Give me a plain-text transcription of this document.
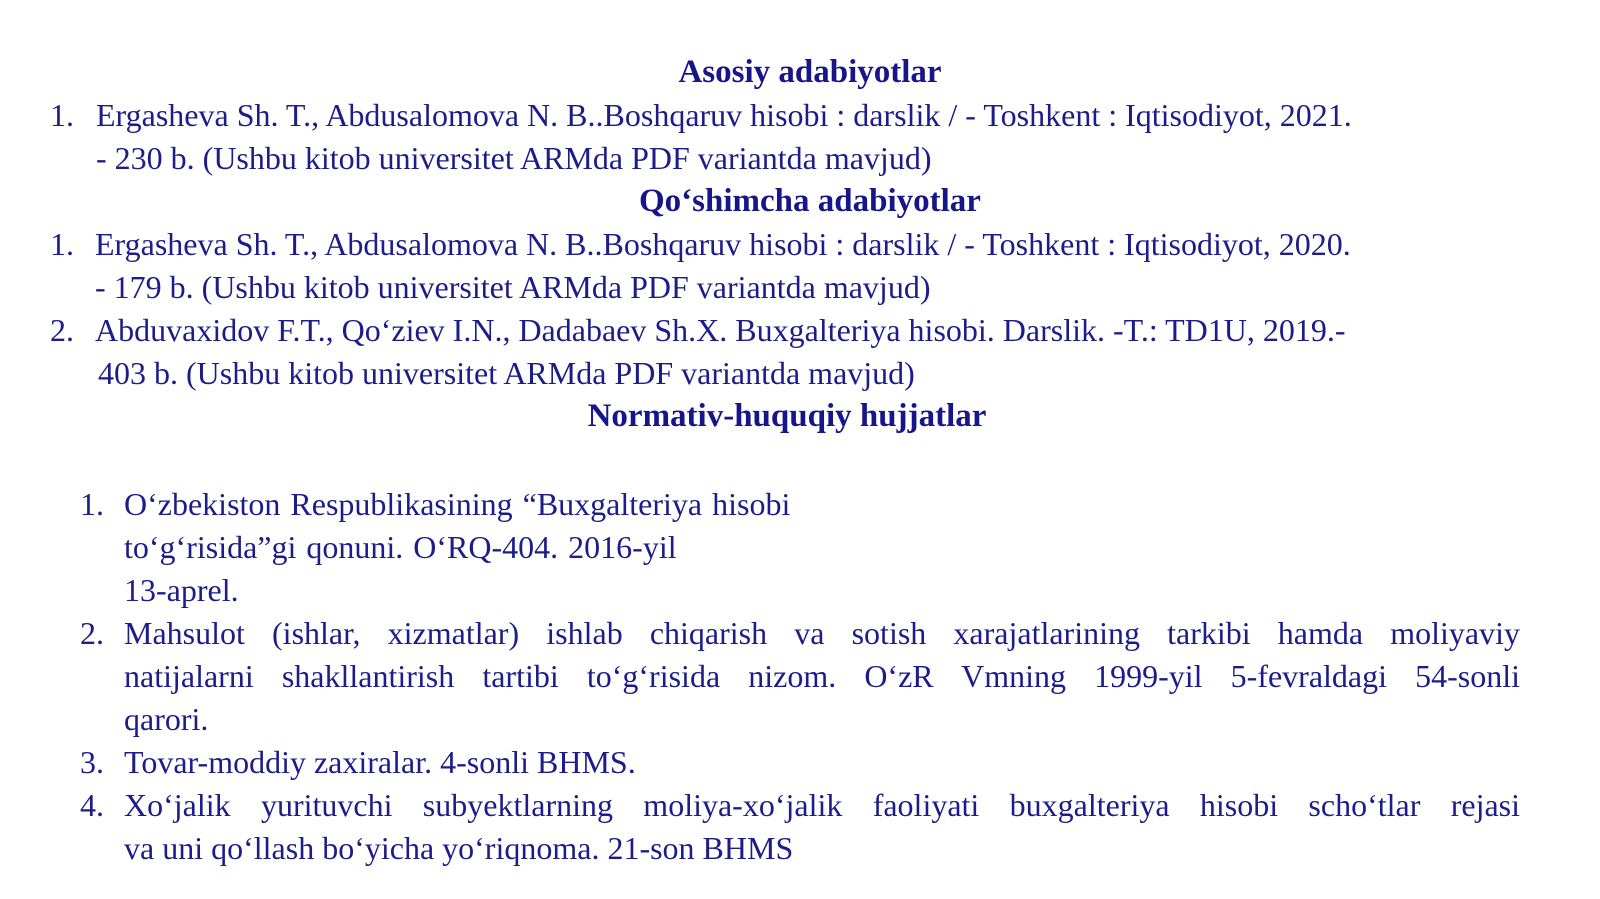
Asosiy adabiyotlar
1. Ergasheva Sh. T., Abdusalomova N. B..Boshqaruv hisobi : darslik / - Toshkent : Iqtisodiyot, 2021.
- 230 b. (Ushbu kitob universitet ARMda PDF variantda mavjud)
Qo‘shimcha adabiyotlar
1. Ergasheva Sh. T., Abdusalomova N. B..Boshqaruv hisobi : darslik / - Toshkent : Iqtisodiyot, 2020.
- 179 b. (Ushbu kitob universitet ARMda PDF variantda mavjud)
2. Abduvaxidov F.T., Qo‘ziev I.N., Dadabaev Sh.X. Buxgalteriya hisobi. Darslik. -T.: TD1U, 2019.-
403 b. (Ushbu kitob universitet ARMda PDF variantda mavjud)
Normativ-huquqiy hujjatlar
1. O‘zbekiston Respublikasining “Buxgalteriya hisobi
to‘g‘risida”gi qonuni. O‘RQ-404. 2016-yil
13-aprel.
2. Mahsulot (ishlar, xizmatlar) ishlab chiqarish va sotish xarajatlarining tarkibi hamda moliyaviy
natijalarni shakllantirish tartibi to‘g‘risida nizom. O‘zR Vmning 1999-yil 5-fevraldagi 54-sonli
qarori.
3. Tovar-moddiy zaxiralar. 4-sonli BHMS.
4. Xo‘jalik yurituvchi subyektlarning moliya-xo‘jalik faoliyati buxgalteriya hisobi scho‘tlar rejasi
va uni qo‘llash bo‘yicha yo‘riqnoma. 21-son BHMS
